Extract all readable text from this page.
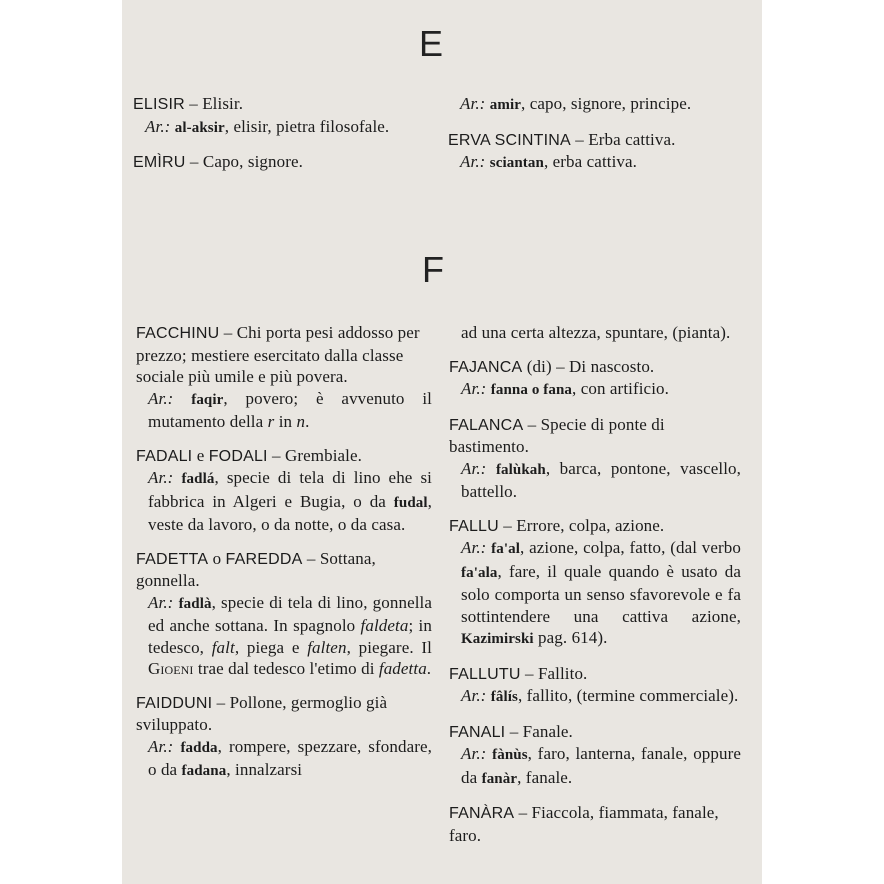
E
ELISIR – Elisir.
Ar.: al-aksir, elisir, pietra filosofale.
EMÌRU – Capo, signore.
Ar.: amir, capo, signore, principe.
ERVA SCINTINA – Erba cattiva.
Ar.: sciantan, erba cattiva.
F
FACCHINU – Chi porta pesi addosso per prezzo; mestiere esercitato dalla classe sociale più umile e più povera.
Ar.: faqir, povero; è avvenuto il mutamento della r in n.
FADALI e FODALI – Grembiale.
Ar.: fadlá, specie di tela di lino ehe si fabbrica in Algeri e Bugia, o da fudal, veste da lavoro, o da notte, o da casa.
FADETTA o FAREDDA – Sottana, gonnella.
Ar.: fadlà, specie di tela di lino, gonnella ed anche sottana. In spagnolo faldeta; in tedesco, falt, piega e falten, piegare. Il Gioeni trae dal tedesco l'etimo di fadetta.
FAIDDUNI – Pollone, germoglio già sviluppato.
Ar.: fadda, rompere, spezzare, sfondare, o da fadana, innalzarsi
ad una certa altezza, spuntare, (pianta).
FAJANCA (di) – Di nascosto.
Ar.: fanna o fana, con artificio.
FALANCA – Specie di ponte di bastimento.
Ar.: falùkah, barca, pontone, vascello, battello.
FALLU – Errore, colpa, azione.
Ar.: fa'al, azione, colpa, fatto, (dal verbo fa'ala, fare, il quale quando è usato da solo comporta un senso sfavorevole e fa sottintendere una cattiva azione, Kazimirski pag. 614).
FALLUTU – Fallito.
Ar.: fâlís, fallito, (termine commerciale).
FANALI – Fanale.
Ar.: fànùs, faro, lanterna, fanale, oppure da fanàr, fanale.
FANÀRA – Fiaccola, fiammata, fanale, faro.
